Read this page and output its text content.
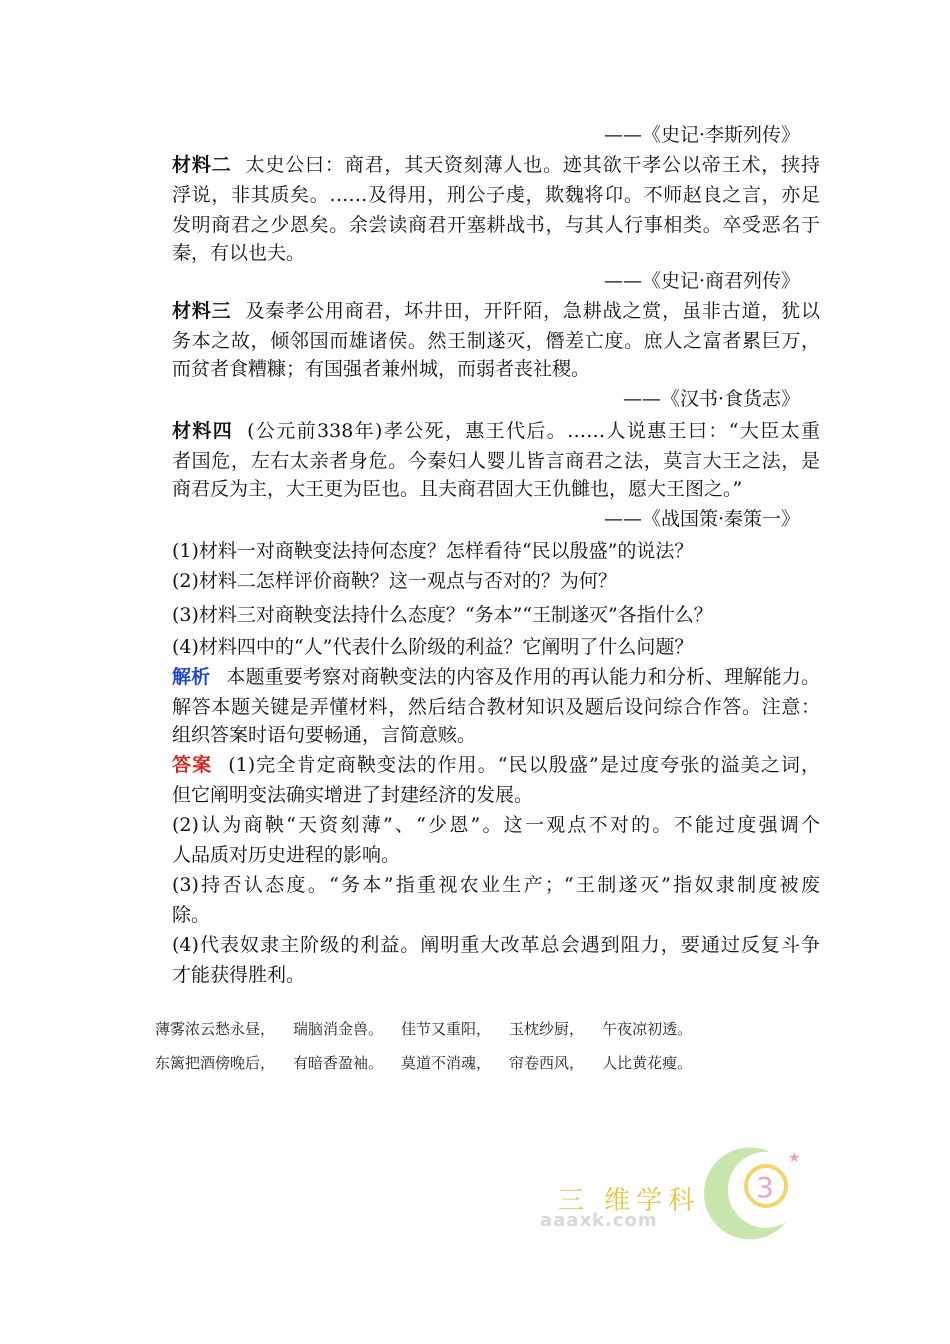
——《史记·李斯列传》
材料二 太史公曰：商君，其天资刻薄人也。迹其欲干孝公以帝王术，挟持
浮说，非其质矣。……及得用，刑公子虔，欺魏将卬。不师赵良之言，亦足
发明商君之少恩矣。余尝读商君开塞耕战书，与其人行事相类。卒受恶名于
秦，有以也夫。
——《史记·商君列传》
材料三 及秦孝公用商君，坏井田，开阡陌，急耕战之赏，虽非古道，犹以
务本之故，倾邻国而雄诸侯。然王制遂灭，僭差亡度。庶人之富者累巨万，
而贫者食糟糠；有国强者兼州城，而弱者丧社稷。
——《汉书·食货志》
材料四 (公元前338年)孝公死，惠王代后。……人说惠王曰：“大臣太重
者国危，左右太亲者身危。今秦妇人婴儿皆言商君之法，莫言大王之法，是
商君反为主，大王更为臣也。且夫商君固大王仇雠也，愿大王图之。”
——《战国策·秦策一》
(1)材料一对商鞅变法持何态度？怎样看待“民以殷盛”的说法？
(2)材料二怎样评价商鞅？这一观点与否对的？为何？
(3)材料三对商鞅变法持什么态度？“务本”“王制遂灭”各指什么？
(4)材料四中的“人”代表什么阶级的利益？它阐明了什么问题？
解析 本题重要考察对商鞅变法的内容及作用的再认能力和分析、理解能力。
解答本题关键是弄懂材料，然后结合教材知识及题后设问综合作答。注意：
组织答案时语句要畅通，言简意赅。
答案 (1)完全肯定商鞅变法的作用。“民以殷盛”是过度夸张的溢美之词，
但它阐明变法确实增进了封建经济的发展。
(2)认为商鞅“天资刻薄”、“少恩”。这一观点不对的。不能过度强调个
人品质对历史进程的影响。
(3)持否认态度。“务本”指重视农业生产；“王制遂灭”指奴隶制度被废
除。
(4)代表奴隶主阶级的利益。阐明重大改革总会遇到阻力，要通过反复斗争
才能获得胜利。
薄雾浓云愁永昼， 瑞脑消金兽。 佳节又重阳， 玉枕纱厨， 午夜凉初透。
东篱把酒傍晚后， 有暗香盈袖。 莫道不消魂， 帘卷西风， 人比黄花瘦。
3
★
三 维学科
aaaxk.com
